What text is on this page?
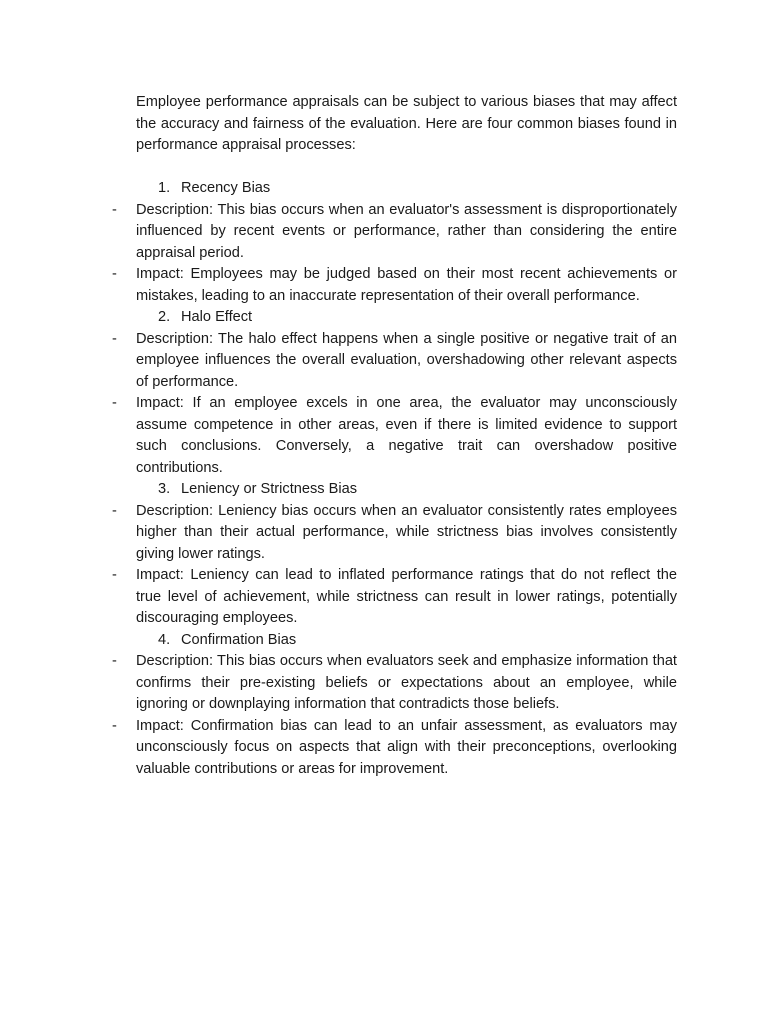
Employee performance appraisals can be subject to various biases that may affect the accuracy and fairness of the evaluation. Here are four common biases found in performance appraisal processes:

1. Recency Bias

- Description: This bias occurs when an evaluator's assessment is disproportionately influenced by recent events or performance, rather than considering the entire appraisal period.

- Impact: Employees may be judged based on their most recent achievements or mistakes, leading to an inaccurate representation of their overall performance.

2. Halo Effect

- Description: The halo effect happens when a single positive or negative trait of an employee influences the overall evaluation, overshadowing other relevant aspects of performance.

- Impact: If an employee excels in one area, the evaluator may unconsciously assume competence in other areas, even if there is limited evidence to support such conclusions. Conversely, a negative trait can overshadow positive contributions.

3. Leniency or Strictness Bias

- Description: Leniency bias occurs when an evaluator consistently rates employees higher than their actual performance, while strictness bias involves consistently giving lower ratings.

- Impact: Leniency can lead to inflated performance ratings that do not reflect the true level of achievement, while strictness can result in lower ratings, potentially discouraging employees.

4. Confirmation Bias

- Description: This bias occurs when evaluators seek and emphasize information that confirms their pre-existing beliefs or expectations about an employee, while ignoring or downplaying information that contradicts those beliefs.

- Impact: Confirmation bias can lead to an unfair assessment, as evaluators may unconsciously focus on aspects that align with their preconceptions, overlooking valuable contributions or areas for improvement.
